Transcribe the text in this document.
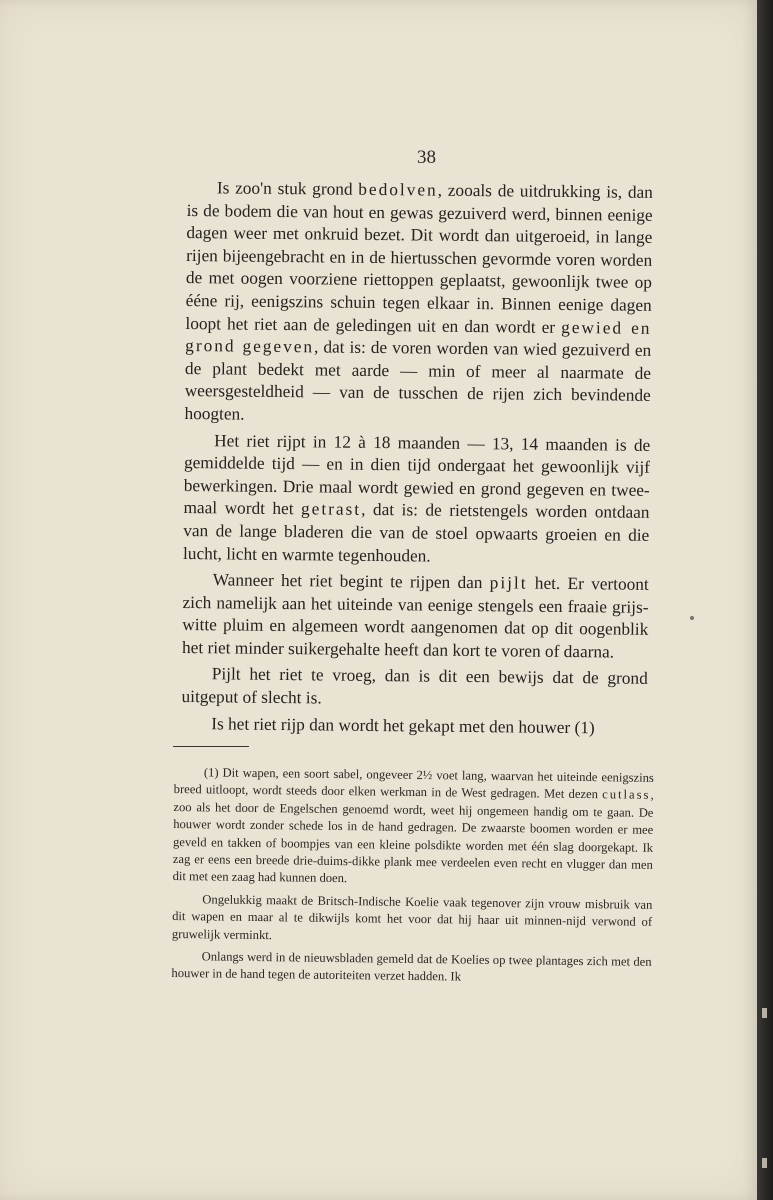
38

Is zoo'n stuk grond bedolven, zooals de uitdrukking is, dan is de bodem die van hout en gewas gezuiverd werd, binnen eenige dagen weer met onkruid bezet. Dit wordt dan uitgeroeid, in lange rijen bijeengebracht en in de hiertusschen gevormde voren worden de met oogen voorziene riettoppen geplaatst, gewoonlijk twee op ééne rij, eenigszins schuin tegen elkaar in. Binnen eenige dagen loopt het riet aan de geledingen uit en dan wordt er gewied en grond gegeven, dat is: de voren worden van wied gezuiverd en de plant bedekt met aarde — min of meer al naarmate de weersgesteldheid — van de tusschen de rijen zich bevindende hoogten.

Het riet rijpt in 12 à 18 maanden — 13, 14 maanden is de gemiddelde tijd — en in dien tijd ondergaat het gewoonlijk vijf bewerkingen. Drie maal wordt gewied en grond gegeven en twee-maal wordt het getrast, dat is: de rietstengels worden ontdaan van de lange bladeren die van de stoel opwaarts groeien en die lucht, licht en warmte tegenhouden.

Wanneer het riet begint te rijpen dan pijlt het. Er vertoont zich namelijk aan het uiteinde van eenige stengels een fraaie grijs-witte pluim en algemeen wordt aangenomen dat op dit oogenblik het riet minder suikergehalte heeft dan kort te voren of daarna.

Pijlt het riet te vroeg, dan is dit een bewijs dat de grond uitgeput of slecht is.

Is het riet rijp dan wordt het gekapt met den houwer (1)

(1) Dit wapen, een soort sabel, ongeveer 2½ voet lang, waarvan het uiteinde eenigszins breed uitloopt, wordt steeds door elken werkman in de West gedragen. Met dezen cutlass, zoo als het door de Engelschen genoemd wordt, weet hij ongemeen handig om te gaan. De houwer wordt zonder schede los in de hand gedragen. De zwaarste boomen worden er mee geveld en takken of boompjes van een kleine polsdikte worden met één slag doorgekapt. Ik zag er eens een breede drie-duims-dikke plank mee verdeelen even recht en vlugger dan men dit met een zaag had kunnen doen.

Ongelukkig maakt de Britsch-Indische Koelie vaak tegenover zijn vrouw misbruik van dit wapen en maar al te dikwijls komt het voor dat hij haar uit minnen-nijd verwond of gruwelijk verminkt.

Onlangs werd in de nieuwsbladen gemeld dat de Koelies op twee plantages zich met den houwer in de hand tegen de autoriteiten verzet hadden. Ik
